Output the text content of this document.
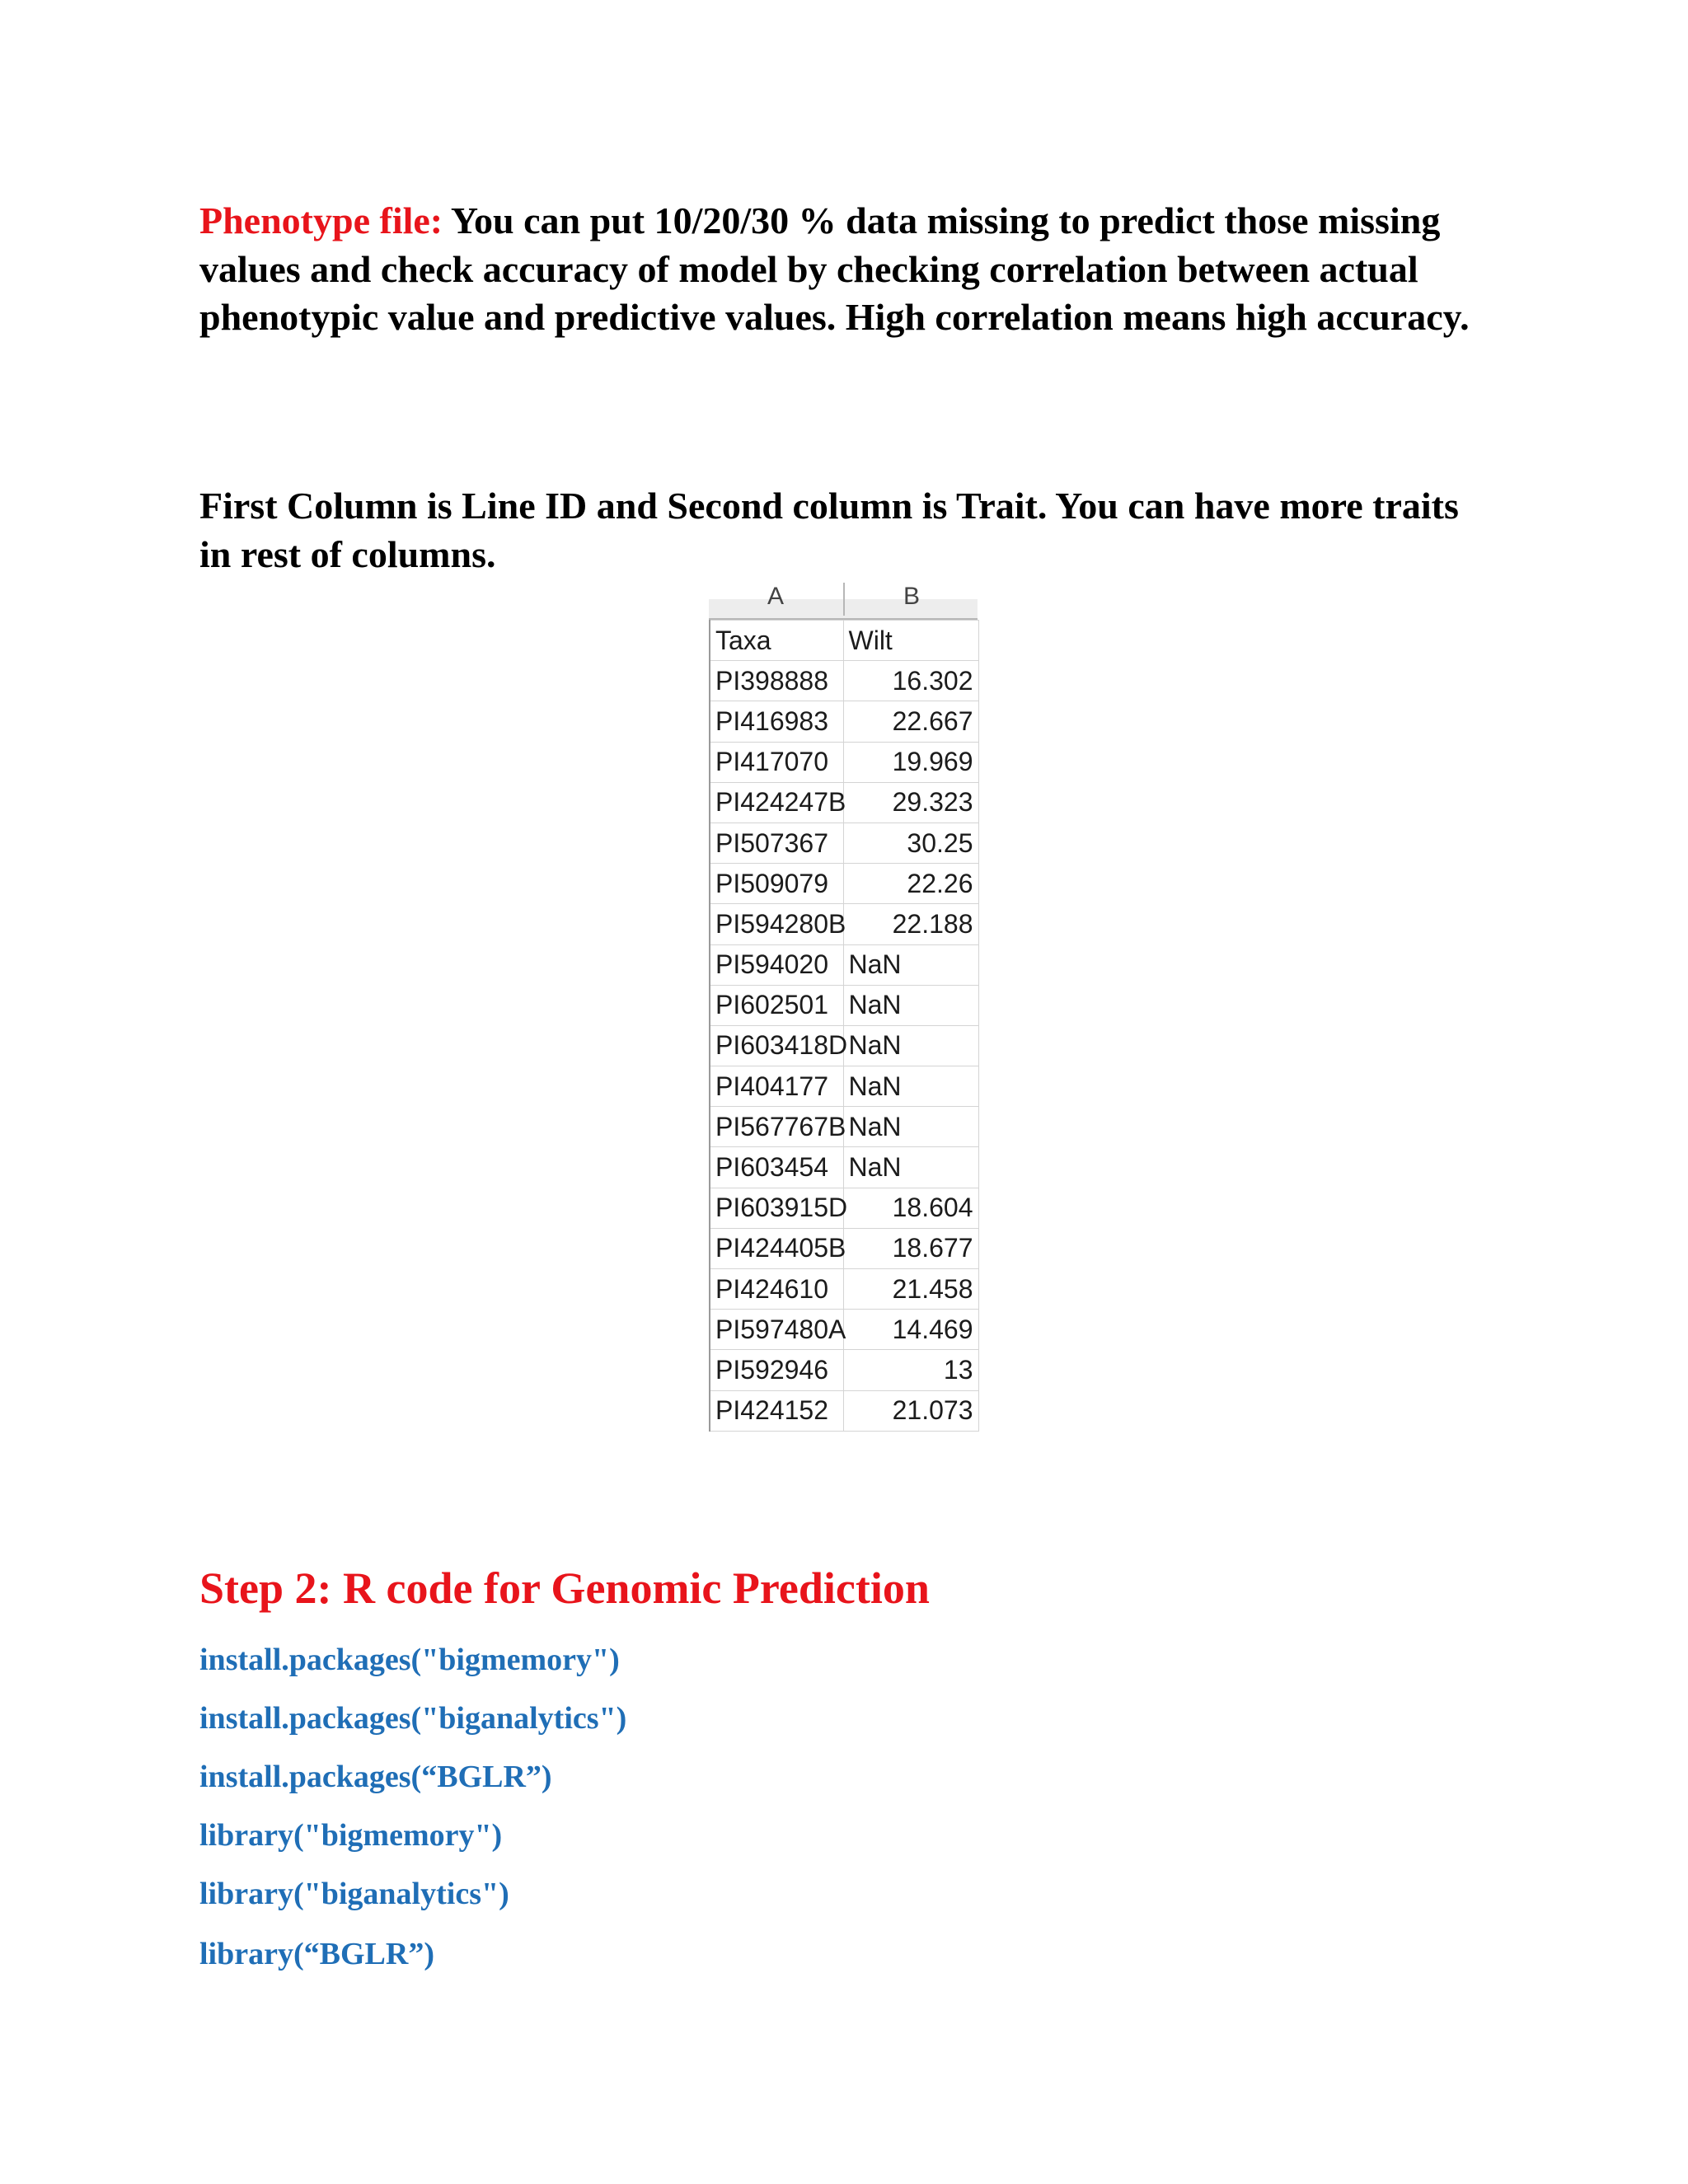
Phenotype file: You can put 10/20/30 % data missing to predict those missing values and check accuracy of model by checking correlation between actual phenotypic value and predictive values. High correlation means high accuracy.

First Column is Line ID and Second column is Trait. You can have more traits in rest of columns.

A	B
Taxa	Wilt
PI398888	16.302
PI416983	22.667
PI417070	19.969
PI424247B	29.323
PI507367	30.25
PI509079	22.26
PI594280B	22.188
PI594020	NaN
PI602501	NaN
PI603418D	NaN
PI404177	NaN
PI567767B	NaN
PI603454	NaN
PI603915D	18.604
PI424405B	18.677
PI424610	21.458
PI597480A	14.469
PI592946	13
PI424152	21.073
Step 2: R code for Genomic Prediction

install.packages("bigmemory")

install.packages("biganalytics")

install.packages(“BGLR”)

library("bigmemory")

library("biganalytics")

library(“BGLR”)
